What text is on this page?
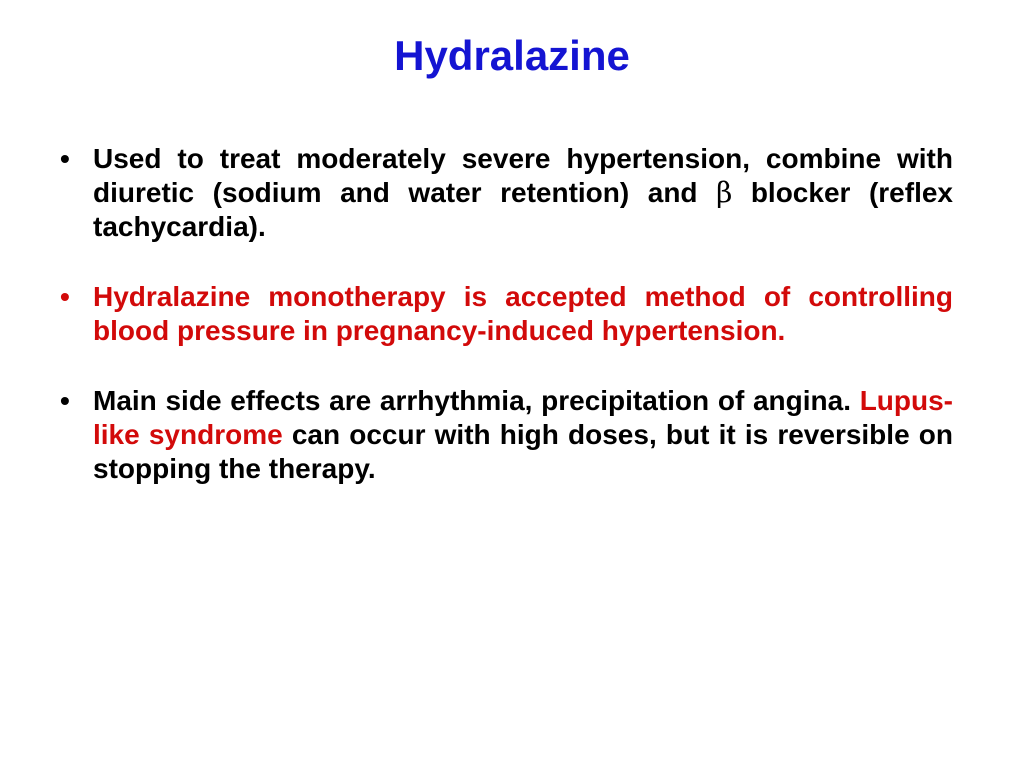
Hydralazine
• Used to treat moderately severe hypertension, combine with diuretic (sodium and water retention) and β blocker (reflex tachycardia).
• Hydralazine monotherapy is accepted method of controlling blood pressure in pregnancy-induced hypertension.
• Main side effects are arrhythmia, precipitation of angina. Lupus-like syndrome can occur with high doses, but it is reversible on stopping the therapy.
